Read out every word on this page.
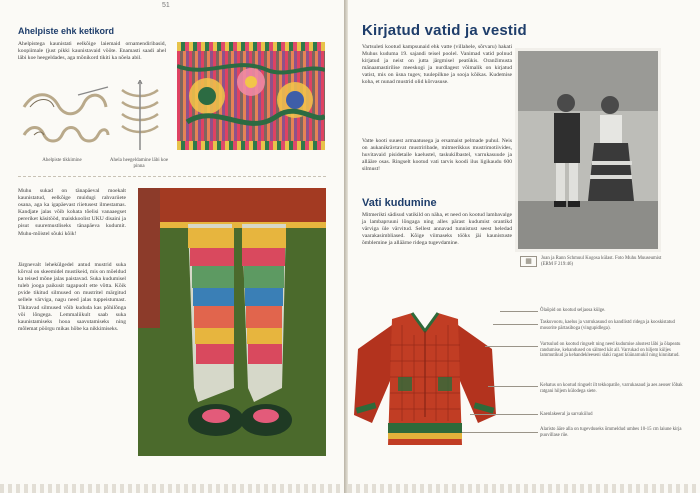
51
Ahelpiste ehk ketikord
Ahelpistega kaunistati eelkõige laiemaid ornamendiribasid, koopiimale (just pikki kaunistavaid vööte. Enamasti saadi ahel läbi koe heegeldades, aga mõnikord tikiti ka nõela abil.
Ahelpiste tikkimine	Ahela heegeldamine läbi koe pinna
Muhu sukad on tänapäeval moekalt kaunistatud, eelkõige muidugi rahvariiete osana, aga ka igapäevast riietusest ilmestamas. Kandjate jalas võib kohata tõelisi vanaaegset pereriket käsitööd, maiskkoolist UKU disaini ja pisut suuremustliseks tänapäeva kudumit. Muhu-mõistel sõuki kõik!
Järgnevalt lehekülgedel antud mustrid suka kõrval on skeemidel mustikeid, mis on mõeldud ka teised mõne jalas paistavad. Suka kudumisel tuleb jooga paikusit tagapuolt ette võtta. Kõik pvide tikitud silmused on mustritel märgitud sellele värviga, nagu need jalas tuppeistumast. Tikitavad silmused võib kududa kas põhilõnga või lõngega. Lemmaliikult saab suka kaunistamiseks hooa saavutamiseks ning mõlemat pöörgu mikas hõbe ka nikkimiseks.
Kirjatud vatid ja vestid
Vartsuleti kootud kampsunaid ehk vatte (villahele, sõrvaru) hakati Muhus kuduma 19. sajandi teisel poolel. Vanimad vatid polnud kirjatud ja neist on jutta järgmisel peatükis. Oranžimusta mänaamastirilise meeskogi ja nurdlagest võimalik on kirjatud vatist, mis on üsna tugev, tuulepilkne ja sooja kõikas. Kudemise koha, et nunad mustrid olid kõrvasuse.
Vatte kooti suuest armaatusega ja ersamaist pelmade puhul. Neis on aukanikrävtavat mustriribade, mitmerikkus mustrimotiivides, huvitavaid pisidetaile kaelustel, taskukilbastel, varrukasuude ja allääre osas. Ringselt kootud vati tarvis koodi ilus ligikaudu 600 silmust!
Vati kudumine
Mitmerikti sädisud vatikild on näha, et need on kootud lambavalge ja lambapruuni lõngaga ning alles pärast kudumist orantikd värviga üle värvitud. Sellest annavad tunnistust seest heledad vaarakasimbliased. Kõige viimaseks tööks jäi kaunistuste õmblemine ja alläärne ridega tugevdamine.
▦	Joan ja Rann Schmuul Kogosa külast. Foto Muhu Muuseumist (ERM F 219:46)
Õlaõpid on kootud seljaosa külge.
Taskuvooru, kaelus ja varrukasuud on kandlistd ridega ja kooskistatud mosorite pärtasiboga (vingupidlega).
Vartsulud on kootud ringselt ning need kudumise alustest läbi ja õlapeatu randumise, kehandused on sälmed kät all. Varrukad on hiljem küljes lammutikud ja kehandekleeseni slaki ragast küünarnukil ning kinnitatud.
Kehatus on kootud ringselt ilt tekkopatile, varrukasaud ja aes aeoser lõbak ratgani hiljem külodega siete.
Kaenlakeeral ja sarvakiilud
Alaristo ääre alla on tugevduseks õmmeldud umbes 10-15 cm laiune kirja puuvillase riie.
